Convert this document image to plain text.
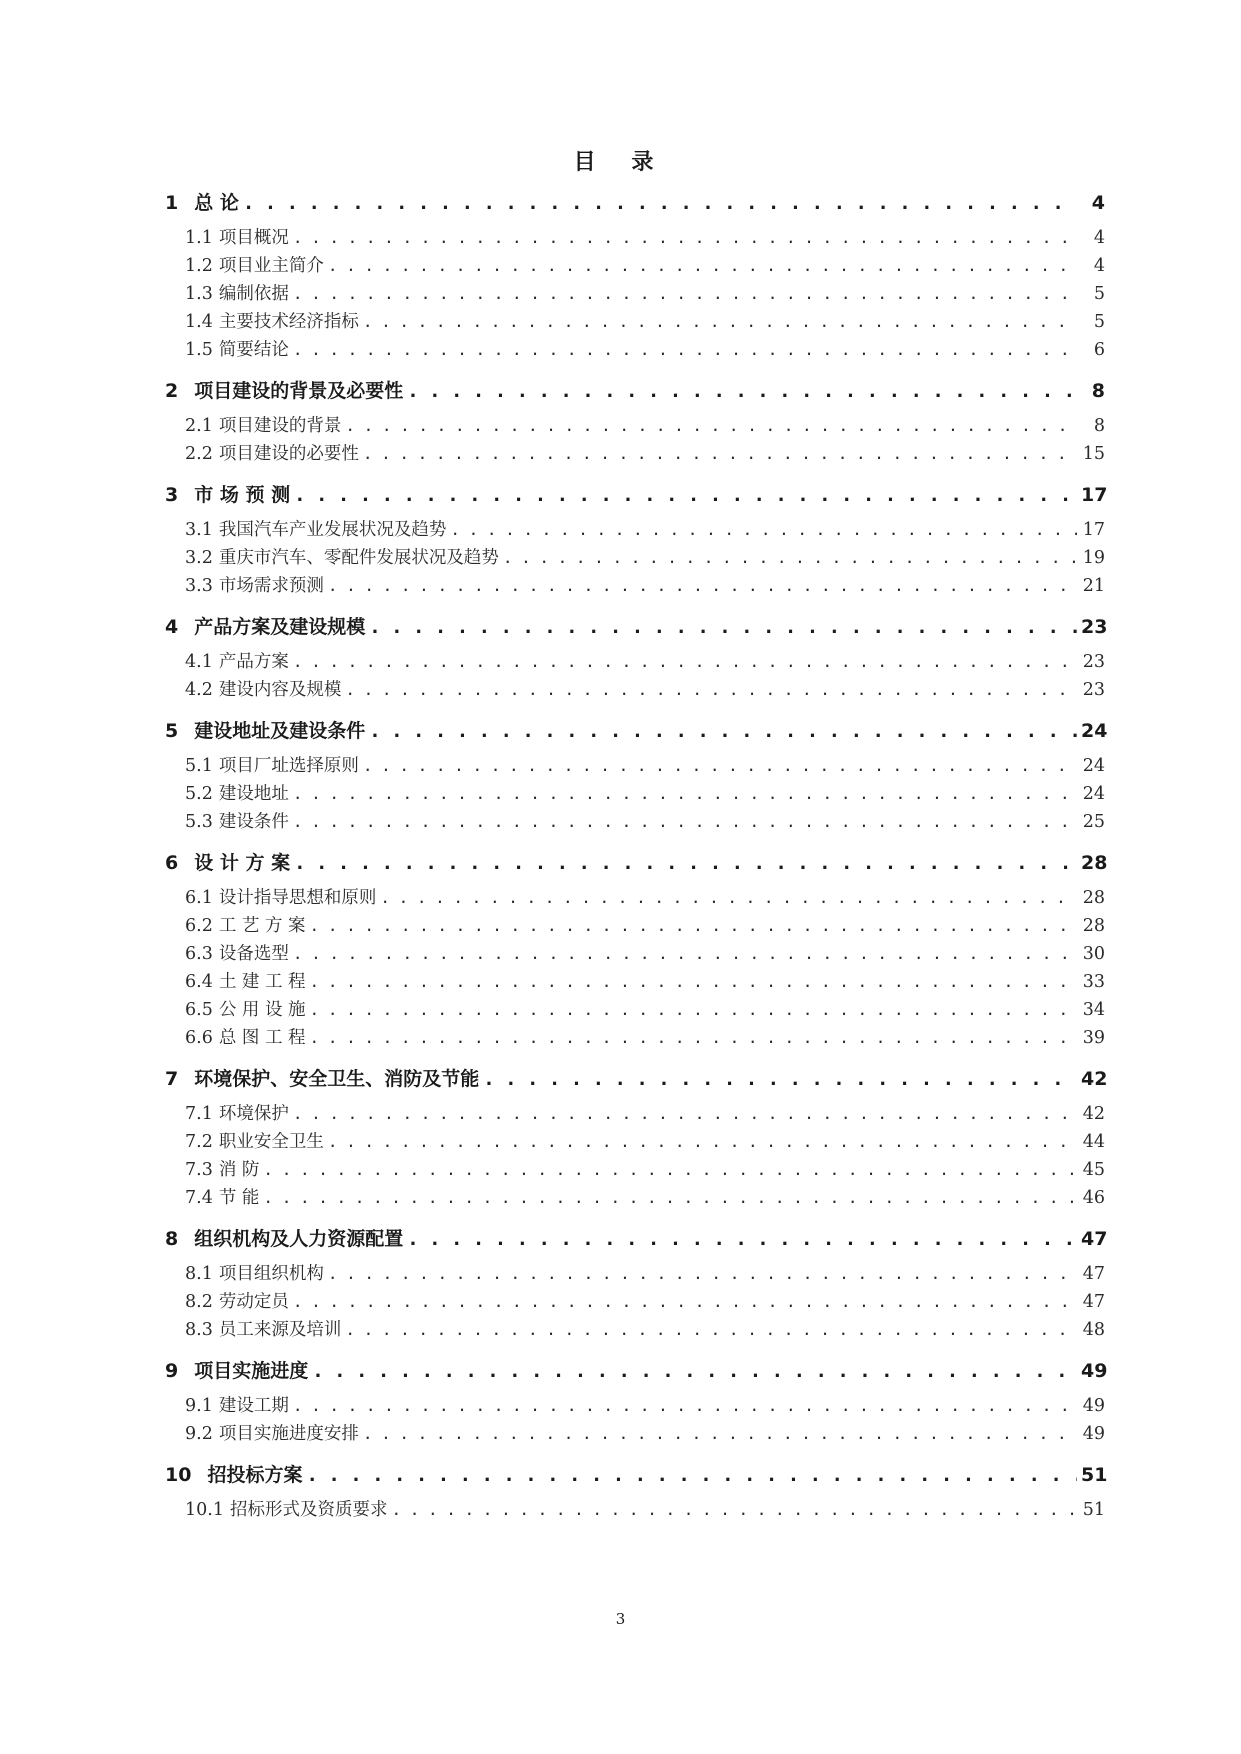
目 录
1 总 论 . . .	4
1.1 项目概况 . . .	4
1.2 项目业主简介 . . .	4
1.3 编制依据 . . .	5
1.4 主要技术经济指标 . . .	5
1.5 简要结论 . . .	6
2 项目建设的背景及必要性 . . .	8
2.1 项目建设的背景 . . .	8
2.2 项目建设的必要性 . . .	15
3 市 场 预 测 . . .	17
3.1 我国汽车产业发展状况及趋势 . . .	17
3.2 重庆市汽车、零配件发展状况及趋势 . . .	19
3.3 市场需求预测 . . .	21
4 产品方案及建设规模 . . .	23
4.1 产品方案 . . .	23
4.2 建设内容及规模 . . .	23
5 建设地址及建设条件 . . .	24
5.1 项目厂址选择原则 . . .	24
5.2 建设地址 . . .	24
5.3 建设条件 . . .	25
6 设 计 方 案 . . .	28
6.1 设计指导思想和原则 . . .	28
6.2 工 艺 方 案 . . .	28
6.3 设备选型 . . .	30
6.4 土 建 工 程 . . .	33
6.5 公 用 设 施 . . .	34
6.6 总 图 工 程 . . .	39
7 环境保护、安全卫生、消防及节能 . . .	42
7.1 环境保护 . . .	42
7.2 职业安全卫生 . . .	44
7.3 消 防 . . .	45
7.4 节 能 . . .	46
8 组织机构及人力资源配置 . . .	47
8.1 项目组织机构 . . .	47
8.2 劳动定员 . . .	47
8.3 员工来源及培训 . . .	48
9 项目实施进度 . . .	49
9.1 建设工期 . . .	49
9.2 项目实施进度安排 . . .	49
10 招投标方案 . . .	51
10.1 招标形式及资质要求 . . .	51
3
